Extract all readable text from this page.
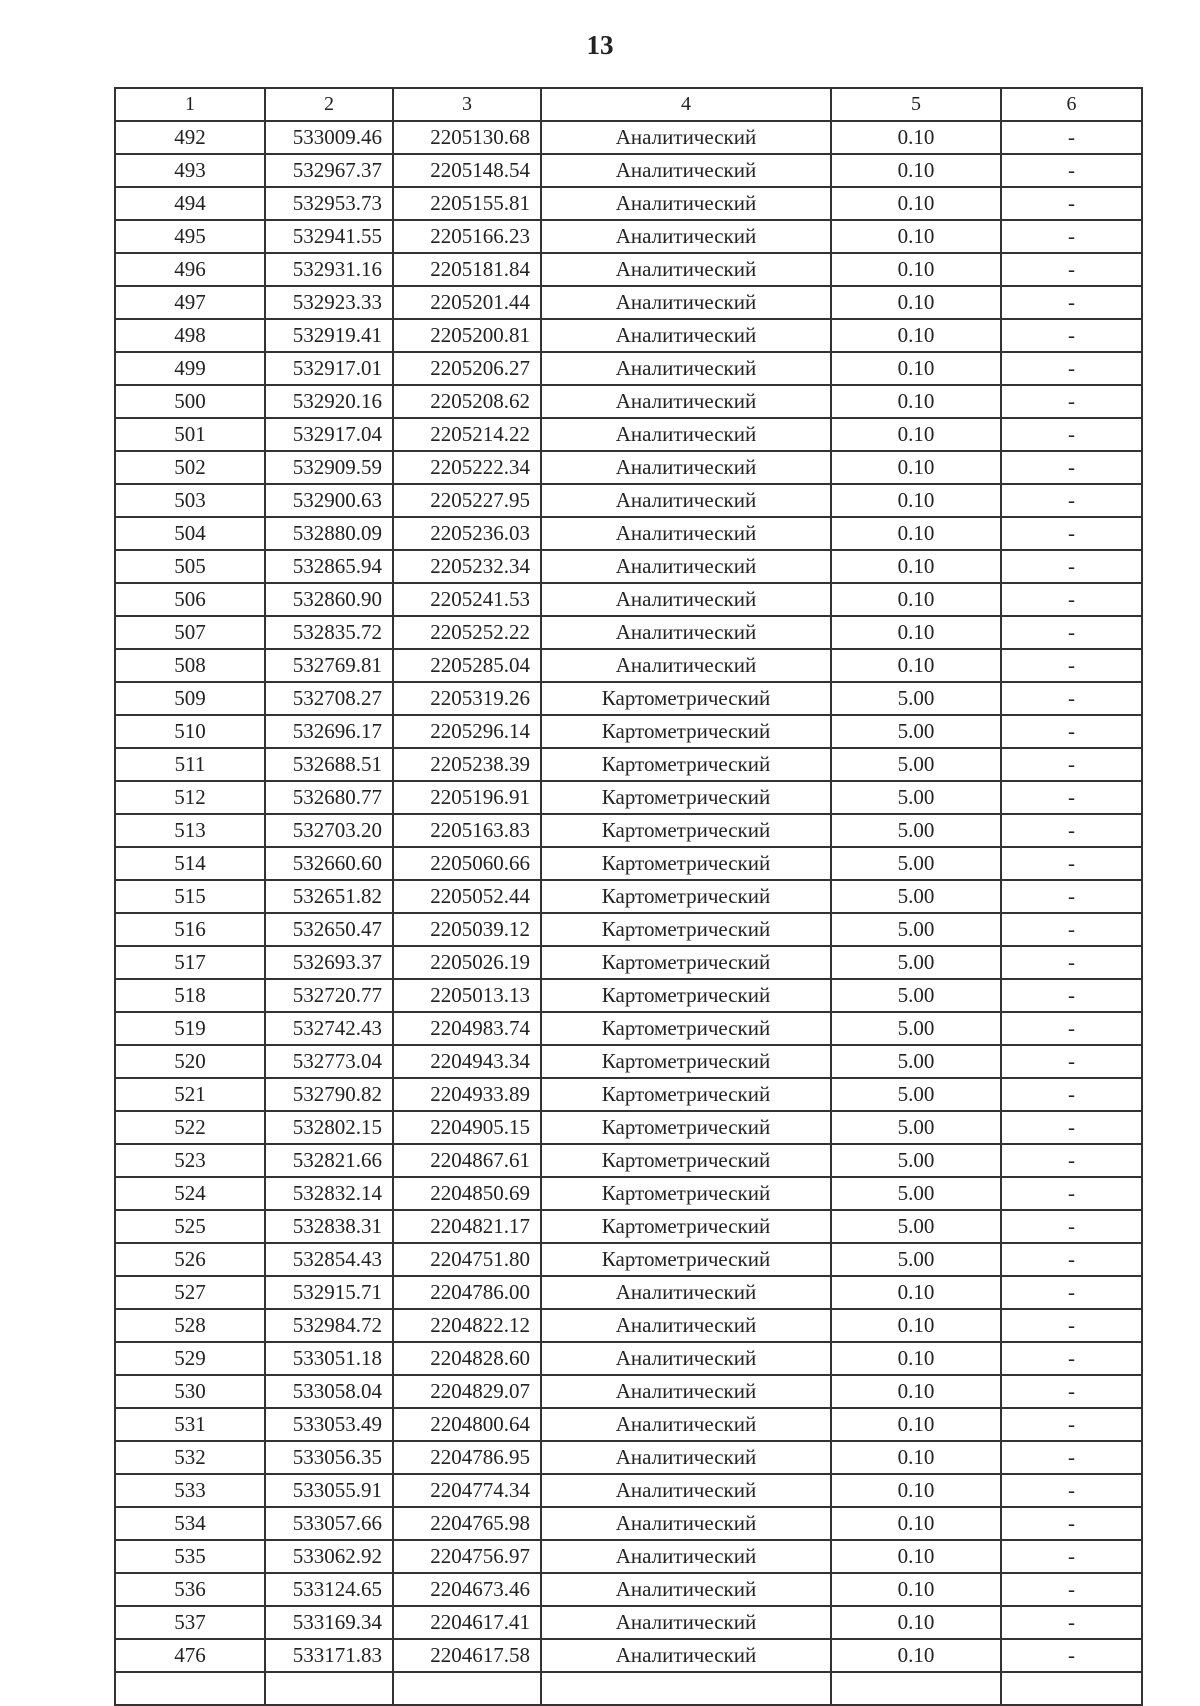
13
1	2	3	4	5	6
492	533009.46	2205130.68	Аналитический	0.10	-
493	532967.37	2205148.54	Аналитический	0.10	-
494	532953.73	2205155.81	Аналитический	0.10	-
495	532941.55	2205166.23	Аналитический	0.10	-
496	532931.16	2205181.84	Аналитический	0.10	-
497	532923.33	2205201.44	Аналитический	0.10	-
498	532919.41	2205200.81	Аналитический	0.10	-
499	532917.01	2205206.27	Аналитический	0.10	-
500	532920.16	2205208.62	Аналитический	0.10	-
501	532917.04	2205214.22	Аналитический	0.10	-
502	532909.59	2205222.34	Аналитический	0.10	-
503	532900.63	2205227.95	Аналитический	0.10	-
504	532880.09	2205236.03	Аналитический	0.10	-
505	532865.94	2205232.34	Аналитический	0.10	-
506	532860.90	2205241.53	Аналитический	0.10	-
507	532835.72	2205252.22	Аналитический	0.10	-
508	532769.81	2205285.04	Аналитический	0.10	-
509	532708.27	2205319.26	Картометрический	5.00	-
510	532696.17	2205296.14	Картометрический	5.00	-
511	532688.51	2205238.39	Картометрический	5.00	-
512	532680.77	2205196.91	Картометрический	5.00	-
513	532703.20	2205163.83	Картометрический	5.00	-
514	532660.60	2205060.66	Картометрический	5.00	-
515	532651.82	2205052.44	Картометрический	5.00	-
516	532650.47	2205039.12	Картометрический	5.00	-
517	532693.37	2205026.19	Картометрический	5.00	-
518	532720.77	2205013.13	Картометрический	5.00	-
519	532742.43	2204983.74	Картометрический	5.00	-
520	532773.04	2204943.34	Картометрический	5.00	-
521	532790.82	2204933.89	Картометрический	5.00	-
522	532802.15	2204905.15	Картометрический	5.00	-
523	532821.66	2204867.61	Картометрический	5.00	-
524	532832.14	2204850.69	Картометрический	5.00	-
525	532838.31	2204821.17	Картометрический	5.00	-
526	532854.43	2204751.80	Картометрический	5.00	-
527	532915.71	2204786.00	Аналитический	0.10	-
528	532984.72	2204822.12	Аналитический	0.10	-
529	533051.18	2204828.60	Аналитический	0.10	-
530	533058.04	2204829.07	Аналитический	0.10	-
531	533053.49	2204800.64	Аналитический	0.10	-
532	533056.35	2204786.95	Аналитический	0.10	-
533	533055.91	2204774.34	Аналитический	0.10	-
534	533057.66	2204765.98	Аналитический	0.10	-
535	533062.92	2204756.97	Аналитический	0.10	-
536	533124.65	2204673.46	Аналитический	0.10	-
537	533169.34	2204617.41	Аналитический	0.10	-
476	533171.83	2204617.58	Аналитический	0.10	-
